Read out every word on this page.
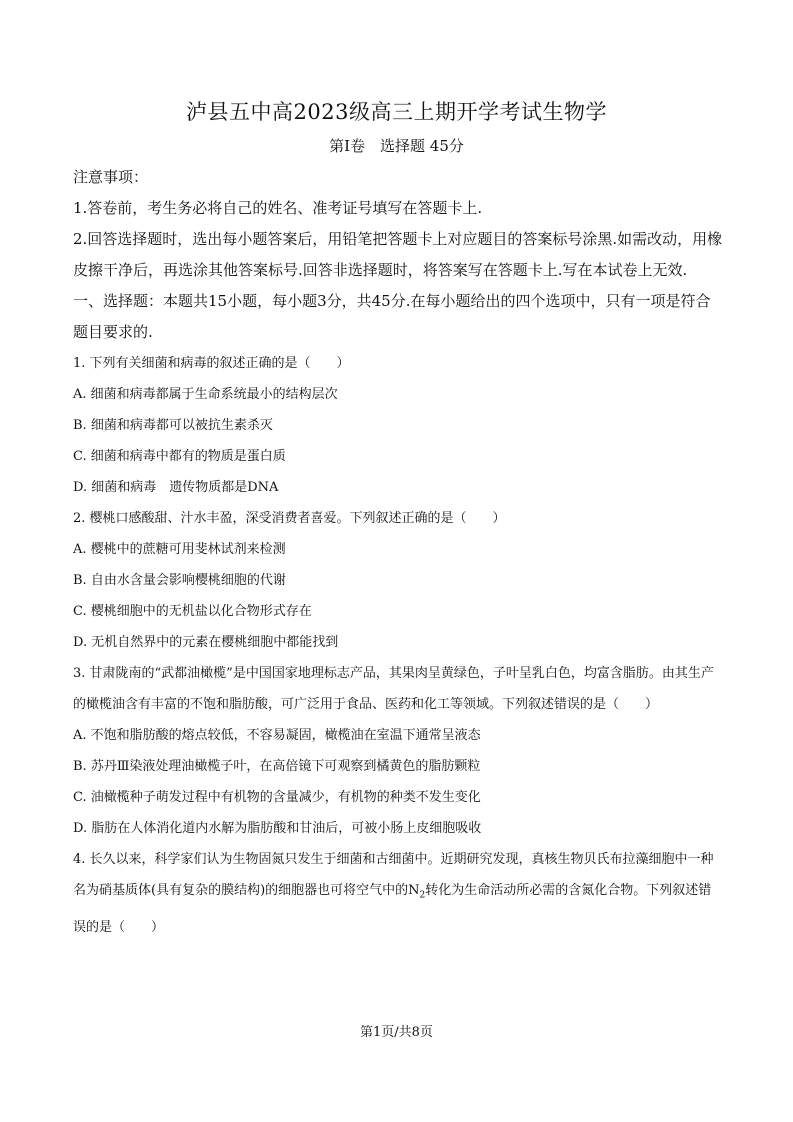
泸县五中高2023级高三上期开学考试生物学
第I卷　选择题 45分
注意事项：
1.答卷前，考生务必将自己的姓名、准考证号填写在答题卡上.
2.回答选择题时，选出每小题答案后，用铅笔把答题卡上对应题目的答案标号涂黑.如需改动，用橡皮擦干净后，再选涂其他答案标号.回答非选择题时，将答案写在答题卡上.写在本试卷上无效.
一、选择题：本题共15小题，每小题3分，共45分.在每小题给出的四个选项中，只有一项是符合题目要求的.
1. 下列有关细菌和病毒的叙述正确的是（　　）
A. 细菌和病毒都属于生命系统最小的结构层次
B. 细菌和病毒都可以被抗生素杀灭
C. 细菌和病毒中都有的物质是蛋白质
D. 细菌和病毒　遗传物质都是DNA
2. 樱桃口感酸甜、汁水丰盈，深受消费者喜爱。下列叙述正确的是（　　）
A. 樱桃中的蔗糖可用斐林试剂来检测
B. 自由水含量会影响樱桃细胞的代谢
C. 樱桃细胞中的无机盐以化合物形式存在
D. 无机自然界中的元素在樱桃细胞中都能找到
3. 甘肃陇南的“武都油橄榄”是中国国家地理标志产品，其果肉呈黄绿色，子叶呈乳白色，均富含脂肪。由其生产的橄榄油含有丰富的不饱和脂肪酸，可广泛用于食品、医药和化工等领域。下列叙述错误的是（　　）
A. 不饱和脂肪酸的熔点较低，不容易凝固，橄榄油在室温下通常呈液态
B. 苏丹Ⅲ染液处理油橄榄子叶，在高倍镜下可观察到橘黄色的脂肪颗粒
C. 油橄榄种子萌发过程中有机物的含量减少，有机物的种类不发生变化
D. 脂肪在人体消化道内水解为脂肪酸和甘油后，可被小肠上皮细胞吸收
4. 长久以来，科学家们认为生物固氮只发生于细菌和古细菌中。近期研究发现，真核生物贝氏布拉藻细胞中一种名为硝基质体(具有复杂的膜结构)的细胞器也可将空气中的$N_2$转化为生命活动所必需的含氮化合物。下列叙述错误的是（　　）
第1页/共8页
